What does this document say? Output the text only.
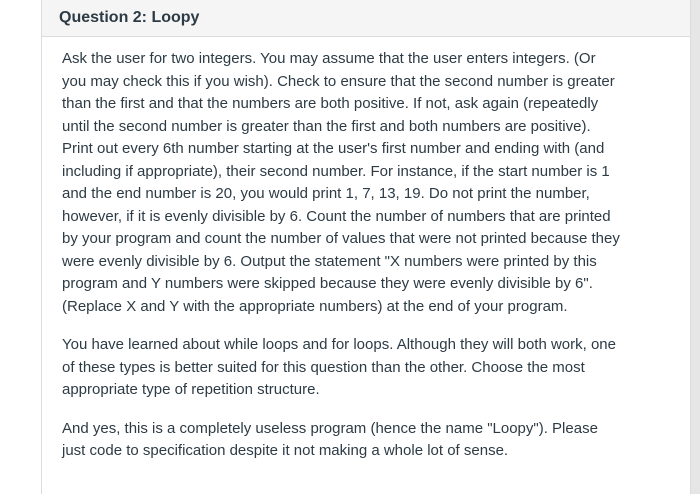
Question 2: Loopy

Ask the user for two integers. You may assume that the user enters integers. (Or you may check this if you wish). Check to ensure that the second number is greater than the first and that the numbers are both positive. If not, ask again (repeatedly until the second number is greater than the first and both numbers are positive). Print out every 6th number starting at the user's first number and ending with (and including if appropriate), their second number. For instance, if the start number is 1 and the end number is 20, you would print 1, 7, 13, 19. Do not print the number, however, if it is evenly divisible by 6. Count the number of numbers that are printed by your program and count the number of values that were not printed because they were evenly divisible by 6. Output the statement "X numbers were printed by this program and Y numbers were skipped because they were evenly divisible by 6". (Replace X and Y with the appropriate numbers) at the end of your program.

You have learned about while loops and for loops. Although they will both work, one of these types is better suited for this question than the other. Choose the most appropriate type of repetition structure.

And yes, this is a completely useless program (hence the name "Loopy"). Please just code to specification despite it not making a whole lot of sense.
